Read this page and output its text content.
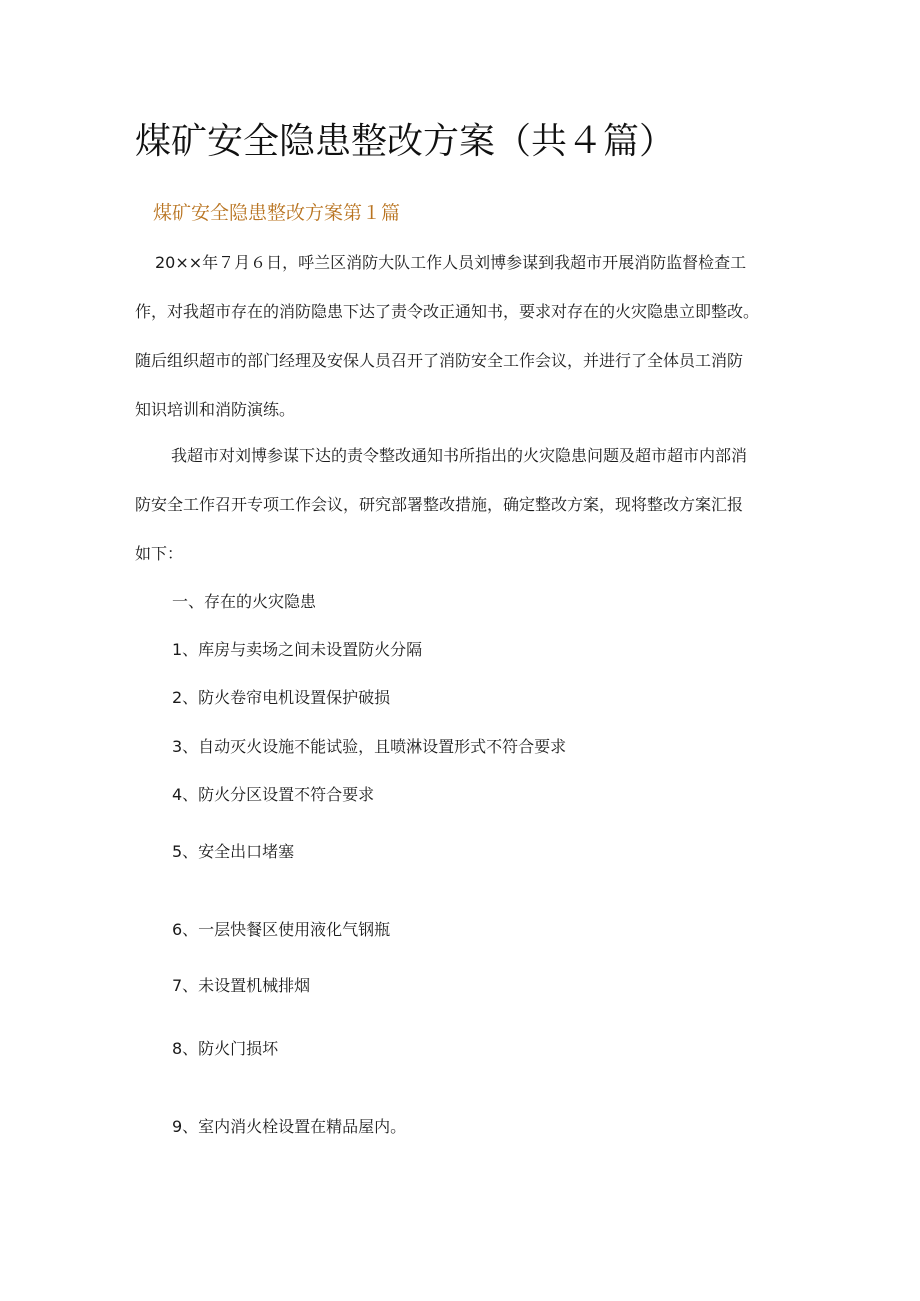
煤矿安全隐患整改方案（共４篇）
煤矿安全隐患整改方案第１篇
20××年７月６日，呼兰区消防大队工作人员刘博参谋到我超市开展消防监督检查工
作，对我超市存在的消防隐患下达了责令改正通知书，要求对存在的火灾隐患立即整改。
随后组织超市的部门经理及安保人员召开了消防安全工作会议，并进行了全体员工消防
知识培训和消防演练。
我超市对刘博参谋下达的责令整改通知书所指出的火灾隐患问题及超市超市内部消
防安全工作召开专项工作会议，研究部署整改措施，确定整改方案，现将整改方案汇报
如下：

一、存在的火灾隐患

1、库房与卖场之间未设置防火分隔

2、防火卷帘电机设置保护破损

3、自动灭火设施不能试验，且喷淋设置形式不符合要求

4、防火分区设置不符合要求

5、安全出口堵塞

6、一层快餐区使用液化气钢瓶

7、未设置机械排烟

8、防火门损坏

9、室内消火栓设置在精品屋内。
